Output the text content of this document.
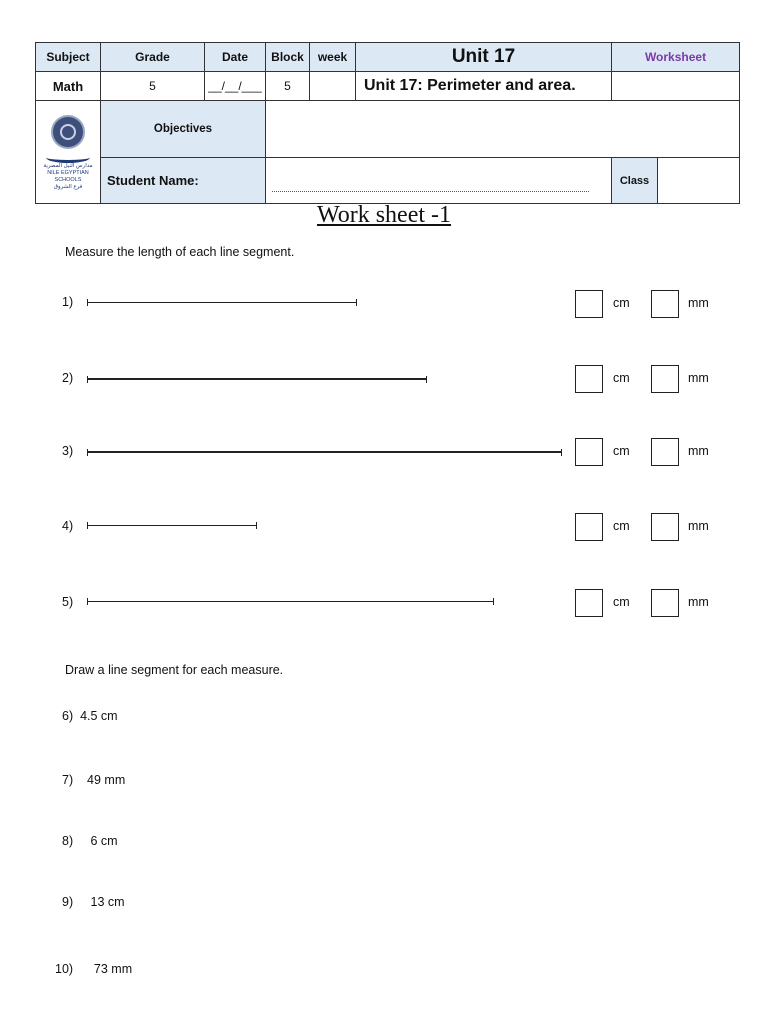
Subject	Grade	Date	Block	week	Unit 17	Worksheet	
Math	5	__/__/___	5		Unit 17: Perimeter and area.		

مدارس النيل المصرية
NILE EGYPTIAN SCHOOLS
فرع الشروق	Objectives						
	Student Name:					Class	
Work sheet -1
Measure the length of each line segment.
1)	cm	mm
2)	cm	mm
3)	cm	mm
4)	cm	mm
5)	cm	mm
Draw a line segment for each measure.
6) 4.5 cm
7) 49 mm
8) 6 cm
9) 13 cm
10) 73 mm
